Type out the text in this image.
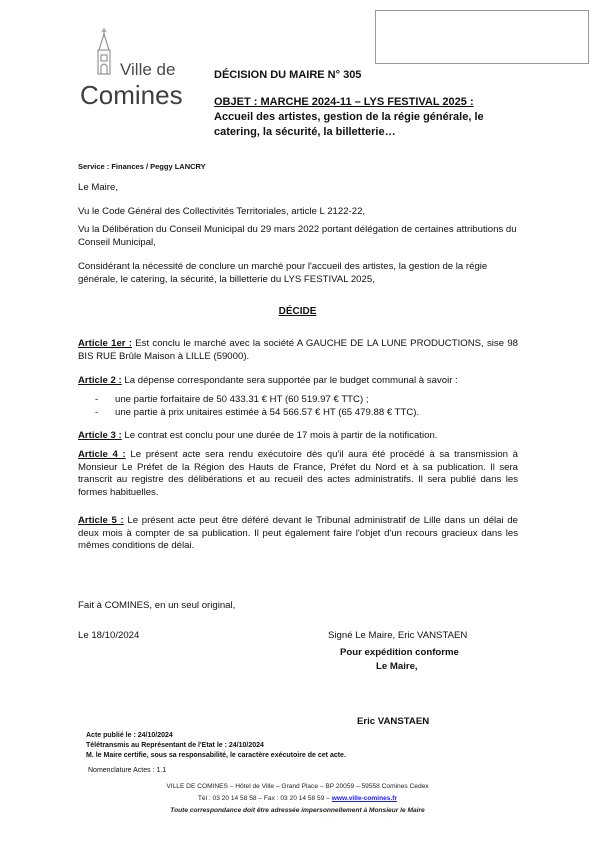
Ville de
Comines
DÉCISION DU MAIRE N° 305
OBJET : MARCHE 2024-11 – LYS FESTIVAL 2025 :
Accueil des artistes, gestion de la régie générale, le catering, la sécurité, la billetterie…
Service : Finances / Peggy LANCRY
Le Maire,
Vu le Code Général des Collectivités Territoriales, article L 2122-22,
Vu la Délibération du Conseil Municipal du 29 mars 2022 portant délégation de certaines attributions du Conseil Municipal,
Considérant la nécessité de conclure un marché pour l'accueil des artistes, la gestion de la régie générale, le catering, la sécurité, la billetterie du LYS FESTIVAL 2025,
DÉCIDE
Article 1er : Est conclu le marché avec la société A GAUCHE DE LA LUNE PRODUCTIONS, sise 98 BIS RUE Brûle Maison à LILLE (59000).
Article 2 : La dépense correspondante sera supportée par le budget communal à savoir :
- une partie forfaitaire de 50 433.31 € HT (60 519.97 € TTC) ;
- une partie à prix unitaires estimée à 54 566.57 € HT (65 479.88 € TTC).
Article 3 : Le contrat est conclu pour une durée de 17 mois à partir de la notification.
Article 4 : Le présent acte sera rendu exécutoire dès qu'il aura été procédé à sa transmission à Monsieur Le Préfet de la Région des Hauts de France, Préfet du Nord et à sa publication. Il sera transcrit au registre des délibérations et au recueil des actes administratifs. Il sera publié dans les formes habituelles.
Article 5 : Le présent acte peut être déféré devant le Tribunal administratif de Lille dans un délai de deux mois à compter de sa publication. Il peut également faire l'objet d'un recours gracieux dans les mêmes conditions de délai.
Fait à COMINES, en un seul original,
Le 18/10/2024	Signé Le Maire, Eric VANSTAEN
Pour expédition conforme
Le Maire,
Eric VANSTAEN
Acte publié le : 24/10/2024
Télétransmis au Représentant de l'Etat le : 24/10/2024
M. le Maire certifie, sous sa responsabilité, le caractère exécutoire de cet acte.
Nomenclature Actes : 1.1
VILLE DE COMINES – Hôtel de Ville – Grand Place – BP 20059 – 59558 Comines Cedex
Tél : 03 20 14 58 58 – Fax : 03 20 14 58 59 – www.ville-comines.fr
Toute correspondance doit être adressée impersonnellement à Monsieur le Maire
